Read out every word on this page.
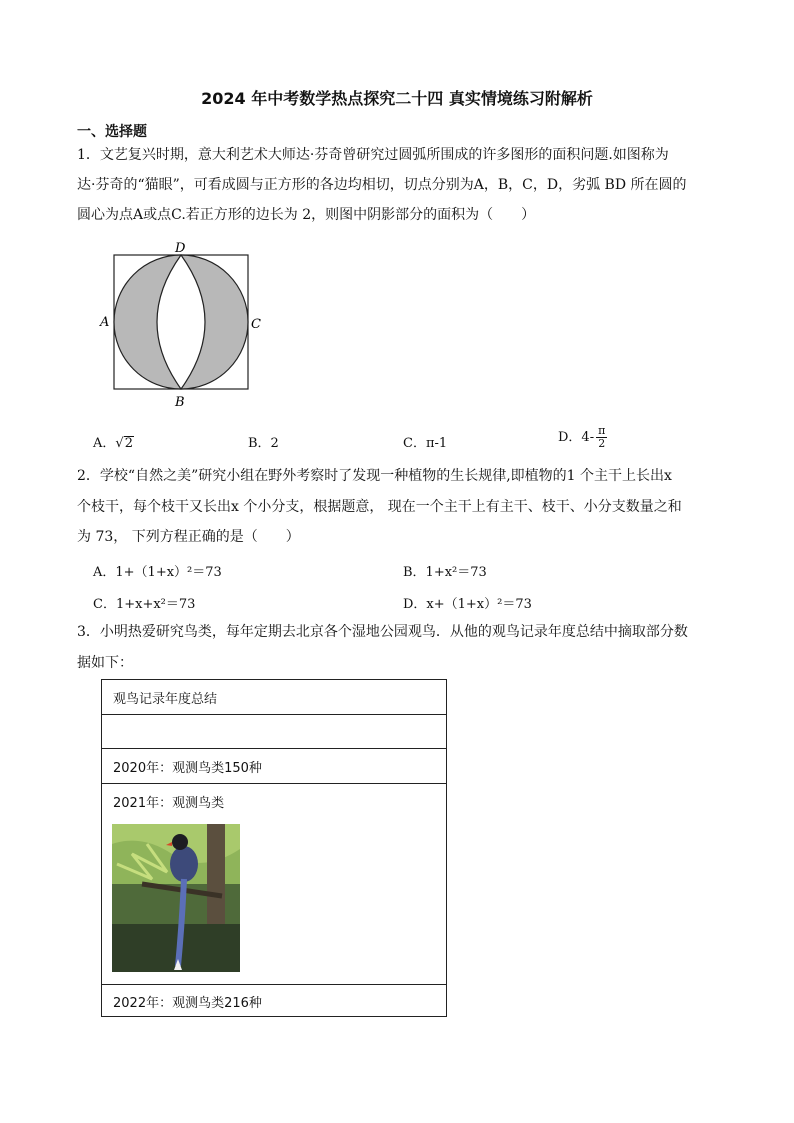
2024 年中考数学热点探究二十四 真实情境练习附解析
一、选择题
1．文艺复兴时期，意大利艺术大师达·芬奇曾研究过圆弧所围成的许多图形的面积问题.如图称为
达·芬奇的“猫眼”，可看成圆与正方形的各边均相切，切点分别为A，B，C，D，劣弧 BD 所在圆的
圆心为点A或点C.若正方形的边长为 2，则图中阴影部分的面积为（　　）
D
A	C
B
A．√2	B．2	C．π-1	D．$4- \frac{\pi}{2}$
2．学校“自然之美”研究小组在野外考察时了发现一种植物的生长规律,即植物的1 个主干上长出x
个枝干，每个枝干又长出x 个小分支，根据题意， 现在一个主干上有主干、枝干、小分支数量之和
为 73， 下列方程正确的是（　　）
A．1+（1+x）²＝73	B．1+x²＝73
C．1+x+x²＝73	D．x+（1+x）²＝73
3．小明热爱研究鸟类，每年定期去北京各个湿地公园观鸟．从他的观鸟记录年度总结中摘取部分数
据如下：
观鸟记录年度总结
2020年：观测鸟类150种
2021年：观测鸟类
2022年：观测鸟类216种
